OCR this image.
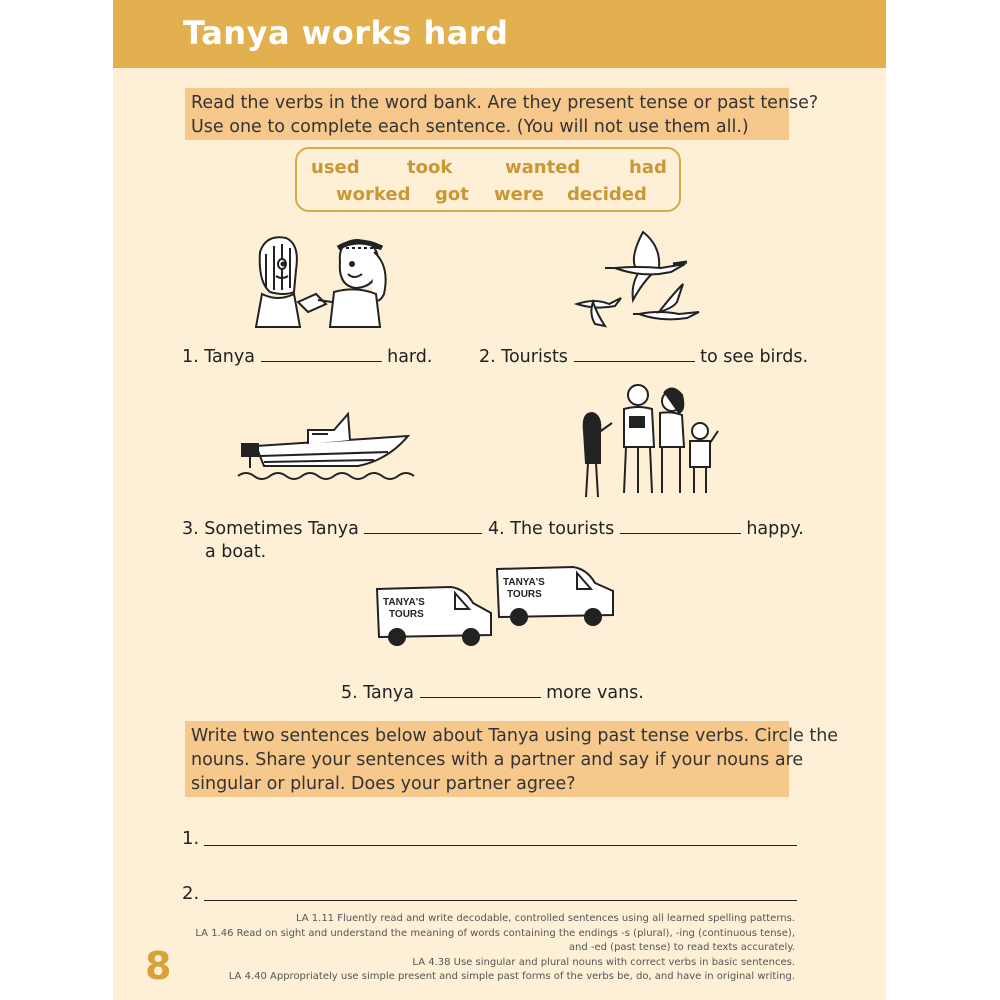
Tanya works hard
Read the verbs in the word bank. Are they present tense or past tense?
Use one to complete each sentence. (You will not use them all.)
used	took	wanted	had
worked got were decided
1. Tanya	hard.	2. Tourists	to see birds.
3. Sometimes Tanya
a boat.
4. The tourists	happy.
TANYA'S
TOURS
TANYA'S
TOURS
5. Tanya	more vans.
Write two sentences below about Tanya using past tense verbs. Circle the
nouns. Share your sentences with a partner and say if your nouns are
singular or plural. Does your partner agree?
1.
2.
8
LA 1.11 Fluently read and write decodable, controlled sentences using all learned spelling patterns.
LA 1.46 Read on sight and understand the meaning of words containing the endings -s (plural), -ing (continuous tense),
and -ed (past tense) to read texts accurately.
LA 4.38 Use singular and plural nouns with correct verbs in basic sentences.
LA 4.40 Appropriately use simple present and simple past forms of the verbs be, do, and have in original writing.
